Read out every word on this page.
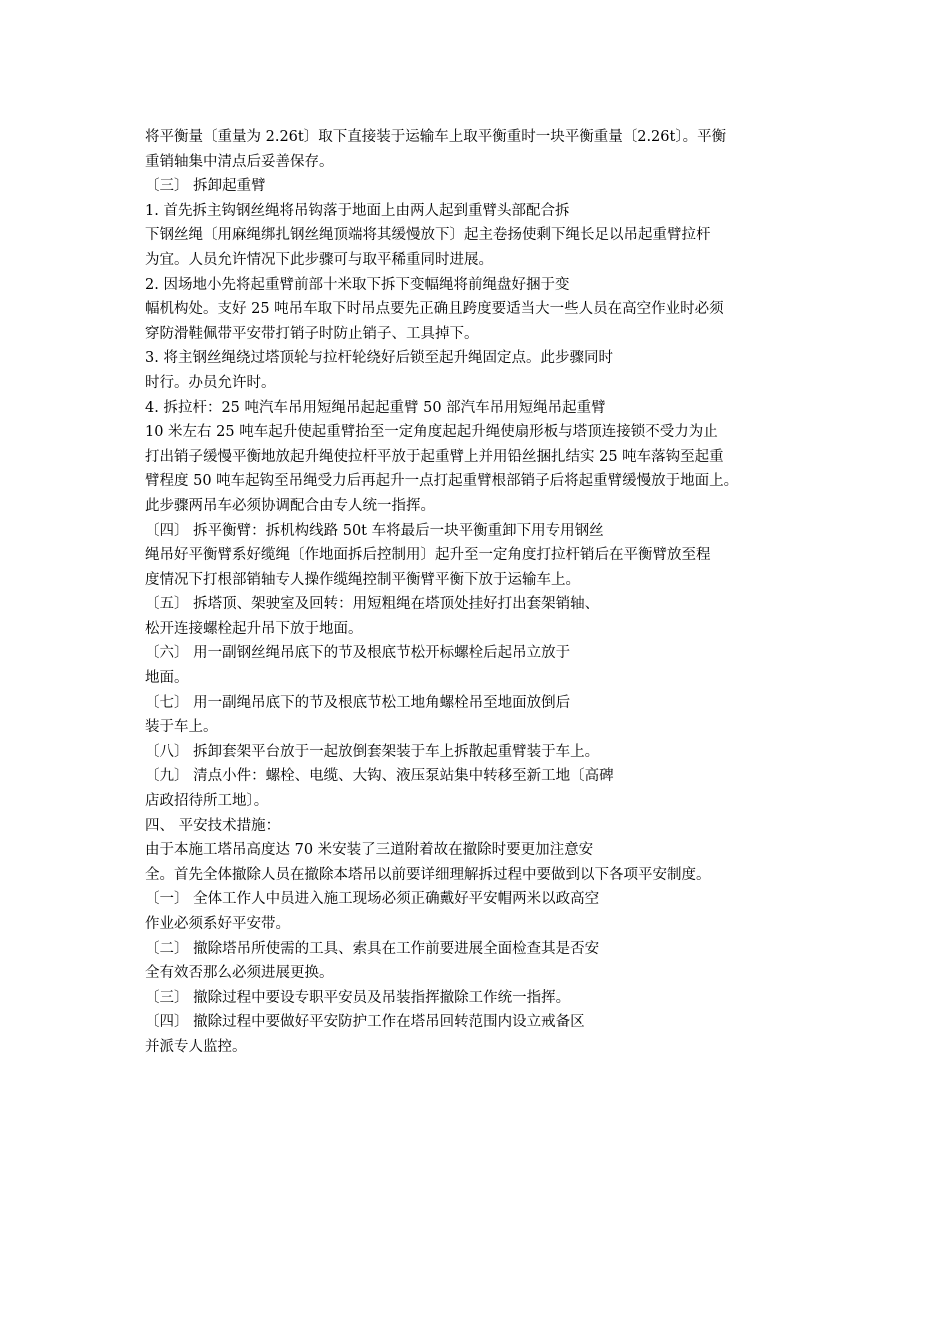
将平衡量〔重量为 2.26t〕取下直接装于运输车上取平衡重时一块平衡重量〔2.26t〕。平衡
重销轴集中清点后妥善保存。
〔三〕 拆卸起重臂
1. 首先拆主钩钢丝绳将吊钩落于地面上由两人起到重臂头部配合拆
下钢丝绳〔用麻绳绑扎钢丝绳顶端将其缓慢放下〕起主卷扬使剩下绳长足以吊起重臂拉杆
为宜。人员允许情况下此步骤可与取平稀重同时进展。
2. 因场地小先将起重臂前部十米取下拆下变幅绳将前绳盘好捆于变
幅机构处。支好 25 吨吊车取下时吊点要先正确且跨度要适当大一些人员在高空作业时必须
穿防滑鞋佩带平安带打销子时防止销子、工具掉下。
3. 将主钢丝绳绕过塔顶轮与拉杆轮绕好后锁至起升绳固定点。此步骤同时
时行。办员允许时。
4. 拆拉杆：25 吨汽车吊用短绳吊起起重臂 50 部汽车吊用短绳吊起重臂
10 米左右 25 吨车起升使起重臂抬至一定角度起起升绳使扇形板与塔顶连接锁不受力为止
打出销子缓慢平衡地放起升绳使拉杆平放于起重臂上并用铅丝捆扎结实 25 吨车落钩至起重
臂程度 50 吨车起钩至吊绳受力后再起升一点打起重臂根部销子后将起重臂缓慢放于地面上。
此步骤两吊车必须协调配合由专人统一指挥。
〔四〕 拆平衡臂：拆机构线路 50t 车将最后一块平衡重卸下用专用钢丝
绳吊好平衡臂系好缆绳〔作地面拆后控制用〕起升至一定角度打拉杆销后在平衡臂放至程
度情况下打根部销轴专人操作缆绳控制平衡臂平衡下放于运输车上。
〔五〕 拆塔顶、架驶室及回转：用短粗绳在塔顶处挂好打出套架销轴、
松开连接螺栓起升吊下放于地面。
〔六〕 用一副钢丝绳吊底下的节及根底节松开标螺栓后起吊立放于
地面。
〔七〕 用一副绳吊底下的节及根底节松工地角螺栓吊至地面放倒后
装于车上。
〔八〕 拆卸套架平台放于一起放倒套架装于车上拆散起重臂装于车上。
〔九〕 清点小件：螺栓、电缆、大钩、液压泵站集中转移至新工地〔高碑
店政招待所工地〕。
四、 平安技术措施：
由于本施工塔吊高度达 70 米安装了三道附着故在撤除时要更加注意安
全。首先全体撤除人员在撤除本塔吊以前要详细理解拆过程中要做到以下各项平安制度。
〔一〕 全体工作人中员进入施工现场必须正确戴好平安帽两米以政高空
作业必须系好平安带。
〔二〕 撤除塔吊所使需的工具、索具在工作前要进展全面检查其是否安
全有效否那么必须进展更换。
〔三〕 撤除过程中要设专职平安员及吊装指挥撤除工作统一指挥。
〔四〕 撤除过程中要做好平安防护工作在塔吊回转范围内设立戒备区
并派专人监控。
